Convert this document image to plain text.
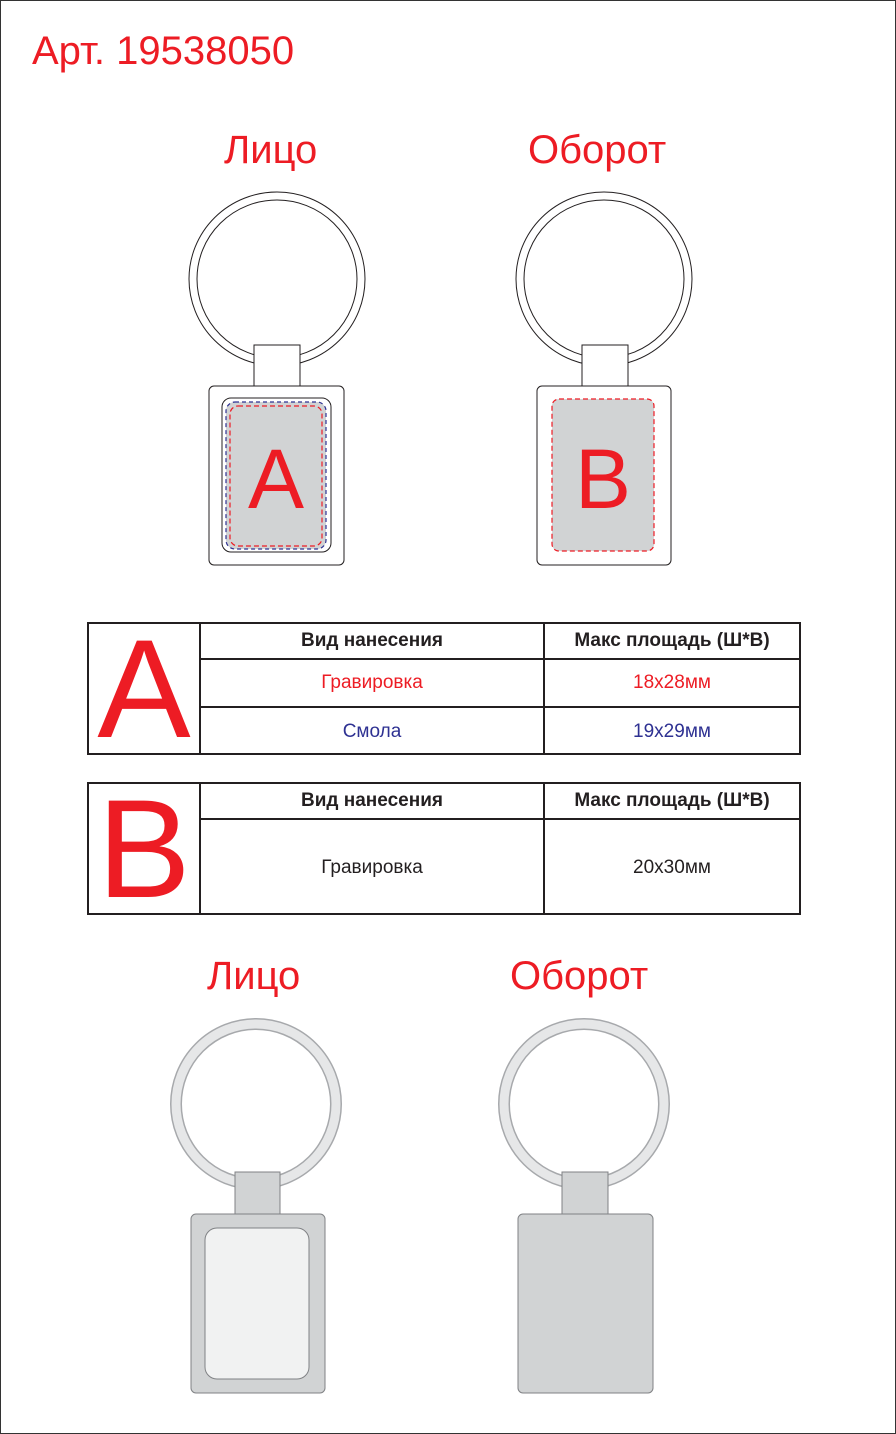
Арт. 19538050
Лицо	Оборот
A	B
A	Вид нанесения	Макс площадь (Ш*В)
Гравировка	18х28мм
Смола	19х29мм
B	Вид нанесения	Макс площадь (Ш*В)
Гравировка	20х30мм
Лицо	Оборот
